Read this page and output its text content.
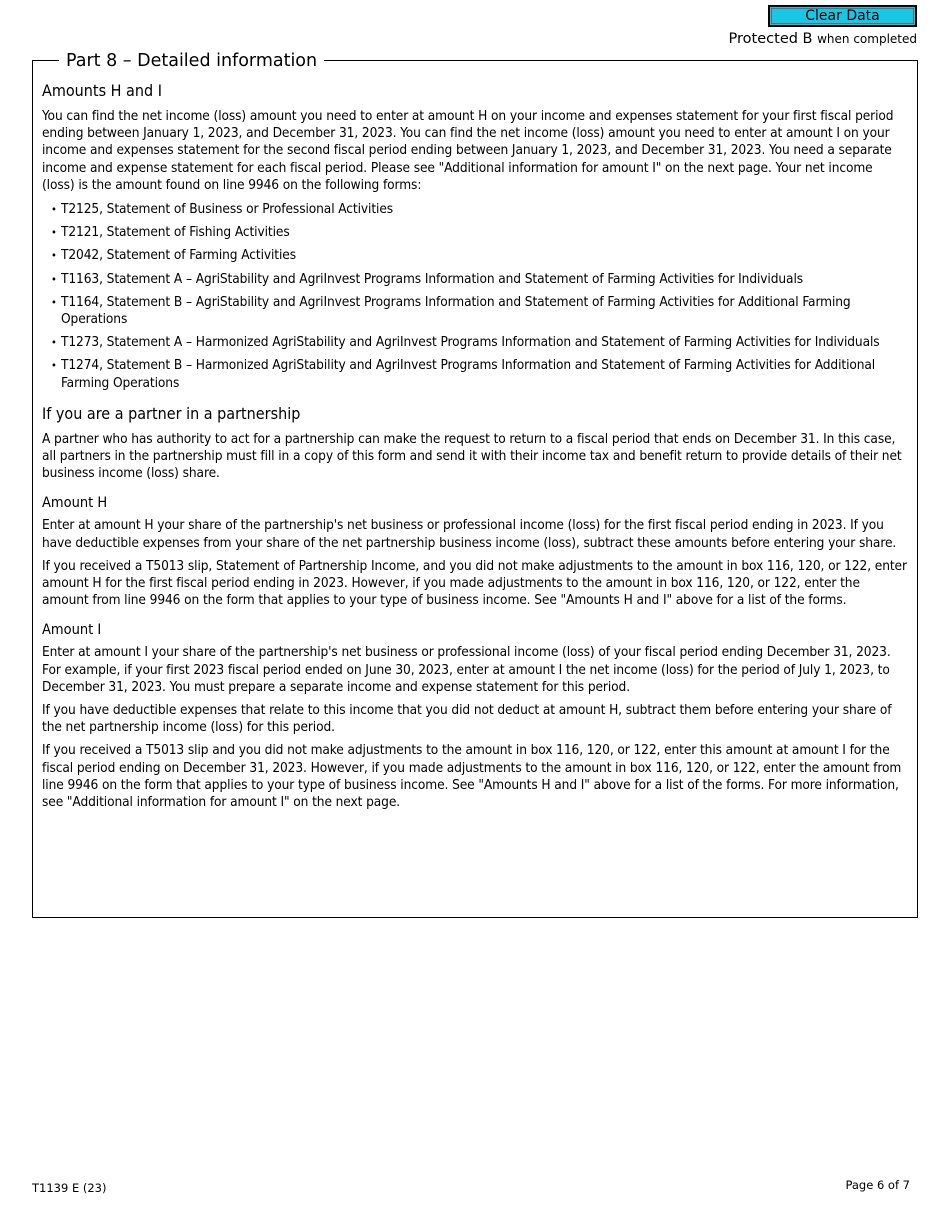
Clear Data
Protected B when completed
Part 8 – Detailed information
Amounts H and I
You can find the net income (loss) amount you need to enter at amount H on your income and expenses statement for your first fiscal period ending between January 1, 2023, and December 31, 2023. You can find the net income (loss) amount you need to enter at amount I on your income and expenses statement for the second fiscal period ending between January 1, 2023, and December 31, 2023. You need a separate income and expense statement for each fiscal period. Please see "Additional information for amount I" on the next page. Your net income (loss) is the amount found on line 9946 on the following forms:
• T2125, Statement of Business or Professional Activities
• T2121, Statement of Fishing Activities
• T2042, Statement of Farming Activities
• T1163, Statement A – AgriStability and AgriInvest Programs Information and Statement of Farming Activities for Individuals
• T1164, Statement B – AgriStability and AgriInvest Programs Information and Statement of Farming Activities for Additional Farming Operations
• T1273, Statement A – Harmonized AgriStability and AgriInvest Programs Information and Statement of Farming Activities for Individuals
• T1274, Statement B – Harmonized AgriStability and AgriInvest Programs Information and Statement of Farming Activities for Additional Farming Operations
If you are a partner in a partnership
A partner who has authority to act for a partnership can make the request to return to a fiscal period that ends on December 31. In this case, all partners in the partnership must fill in a copy of this form and send it with their income tax and benefit return to provide details of their net business income (loss) share.
Amount H
Enter at amount H your share of the partnership's net business or professional income (loss) for the first fiscal period ending in 2023. If you have deductible expenses from your share of the net partnership business income (loss), subtract these amounts before entering your share.
If you received a T5013 slip, Statement of Partnership Income, and you did not make adjustments to the amount in box 116, 120, or 122, enter amount H for the first fiscal period ending in 2023. However, if you made adjustments to the amount in box 116, 120, or 122, enter the amount from line 9946 on the form that applies to your type of business income. See "Amounts H and I" above for a list of the forms.
Amount I
Enter at amount I your share of the partnership's net business or professional income (loss) of your fiscal period ending December 31, 2023. For example, if your first 2023 fiscal period ended on June 30, 2023, enter at amount I the net income (loss) for the period of July 1, 2023, to December 31, 2023. You must prepare a separate income and expense statement for this period.
If you have deductible expenses that relate to this income that you did not deduct at amount H, subtract them before entering your share of the net partnership income (loss) for this period.
If you received a T5013 slip and you did not make adjustments to the amount in box 116, 120, or 122, enter this amount at amount I for the fiscal period ending on December 31, 2023. However, if you made adjustments to the amount in box 116, 120, or 122, enter the amount from line 9946 on the form that applies to your type of business income. See "Amounts H and I" above for a list of the forms. For more information, see "Additional information for amount I" on the next page.
T1139 E (23)	Page 6 of 7
